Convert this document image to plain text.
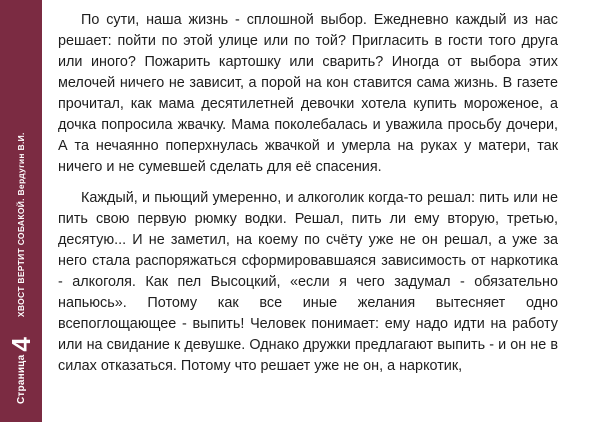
Страница
4
ХВОСТ ВЕРТИТ СОБАКОЙ. Вердугин В.И.

По сути, наша жизнь - сплошной выбор. Ежедневно каждый из нас решает: пойти по этой улице или по той? Пригласить в гости того друга или иного? Пожарить картошку или сварить? Иногда от выбора этих мелочей ничего не зависит, а порой на кон ставится сама жизнь. В газете прочитал, как мама десятилетней девочки хотела купить мороженое, а дочка попросила жвачку. Мама поколебалась и уважила просьбу дочери, А та нечаянно поперхнулась жвачкой и умерла на руках у матери, так ничего и не сумевшей сделать для её спасения.

Каждый, и пьющий умеренно, и алкоголик когда-то решал: пить или не пить свою первую рюмку водки. Решал, пить ли ему вторую, третью, десятую... И не заметил, на коему по счёту уже не он решал, а уже за него стала распоряжаться сформировавшаяся зависимость от наркотика - алкоголя. Как пел Высоцкий, «если я чего задумал - обязательно напьюсь». Потому как все иные желания вытесняет одно всепоглощающее - выпить! Человек понимает: ему надо идти на работу или на свидание к девушке. Однако дружки предлагают выпить - и он не в силах отказаться. Потому что решает уже не он, а наркотик,
